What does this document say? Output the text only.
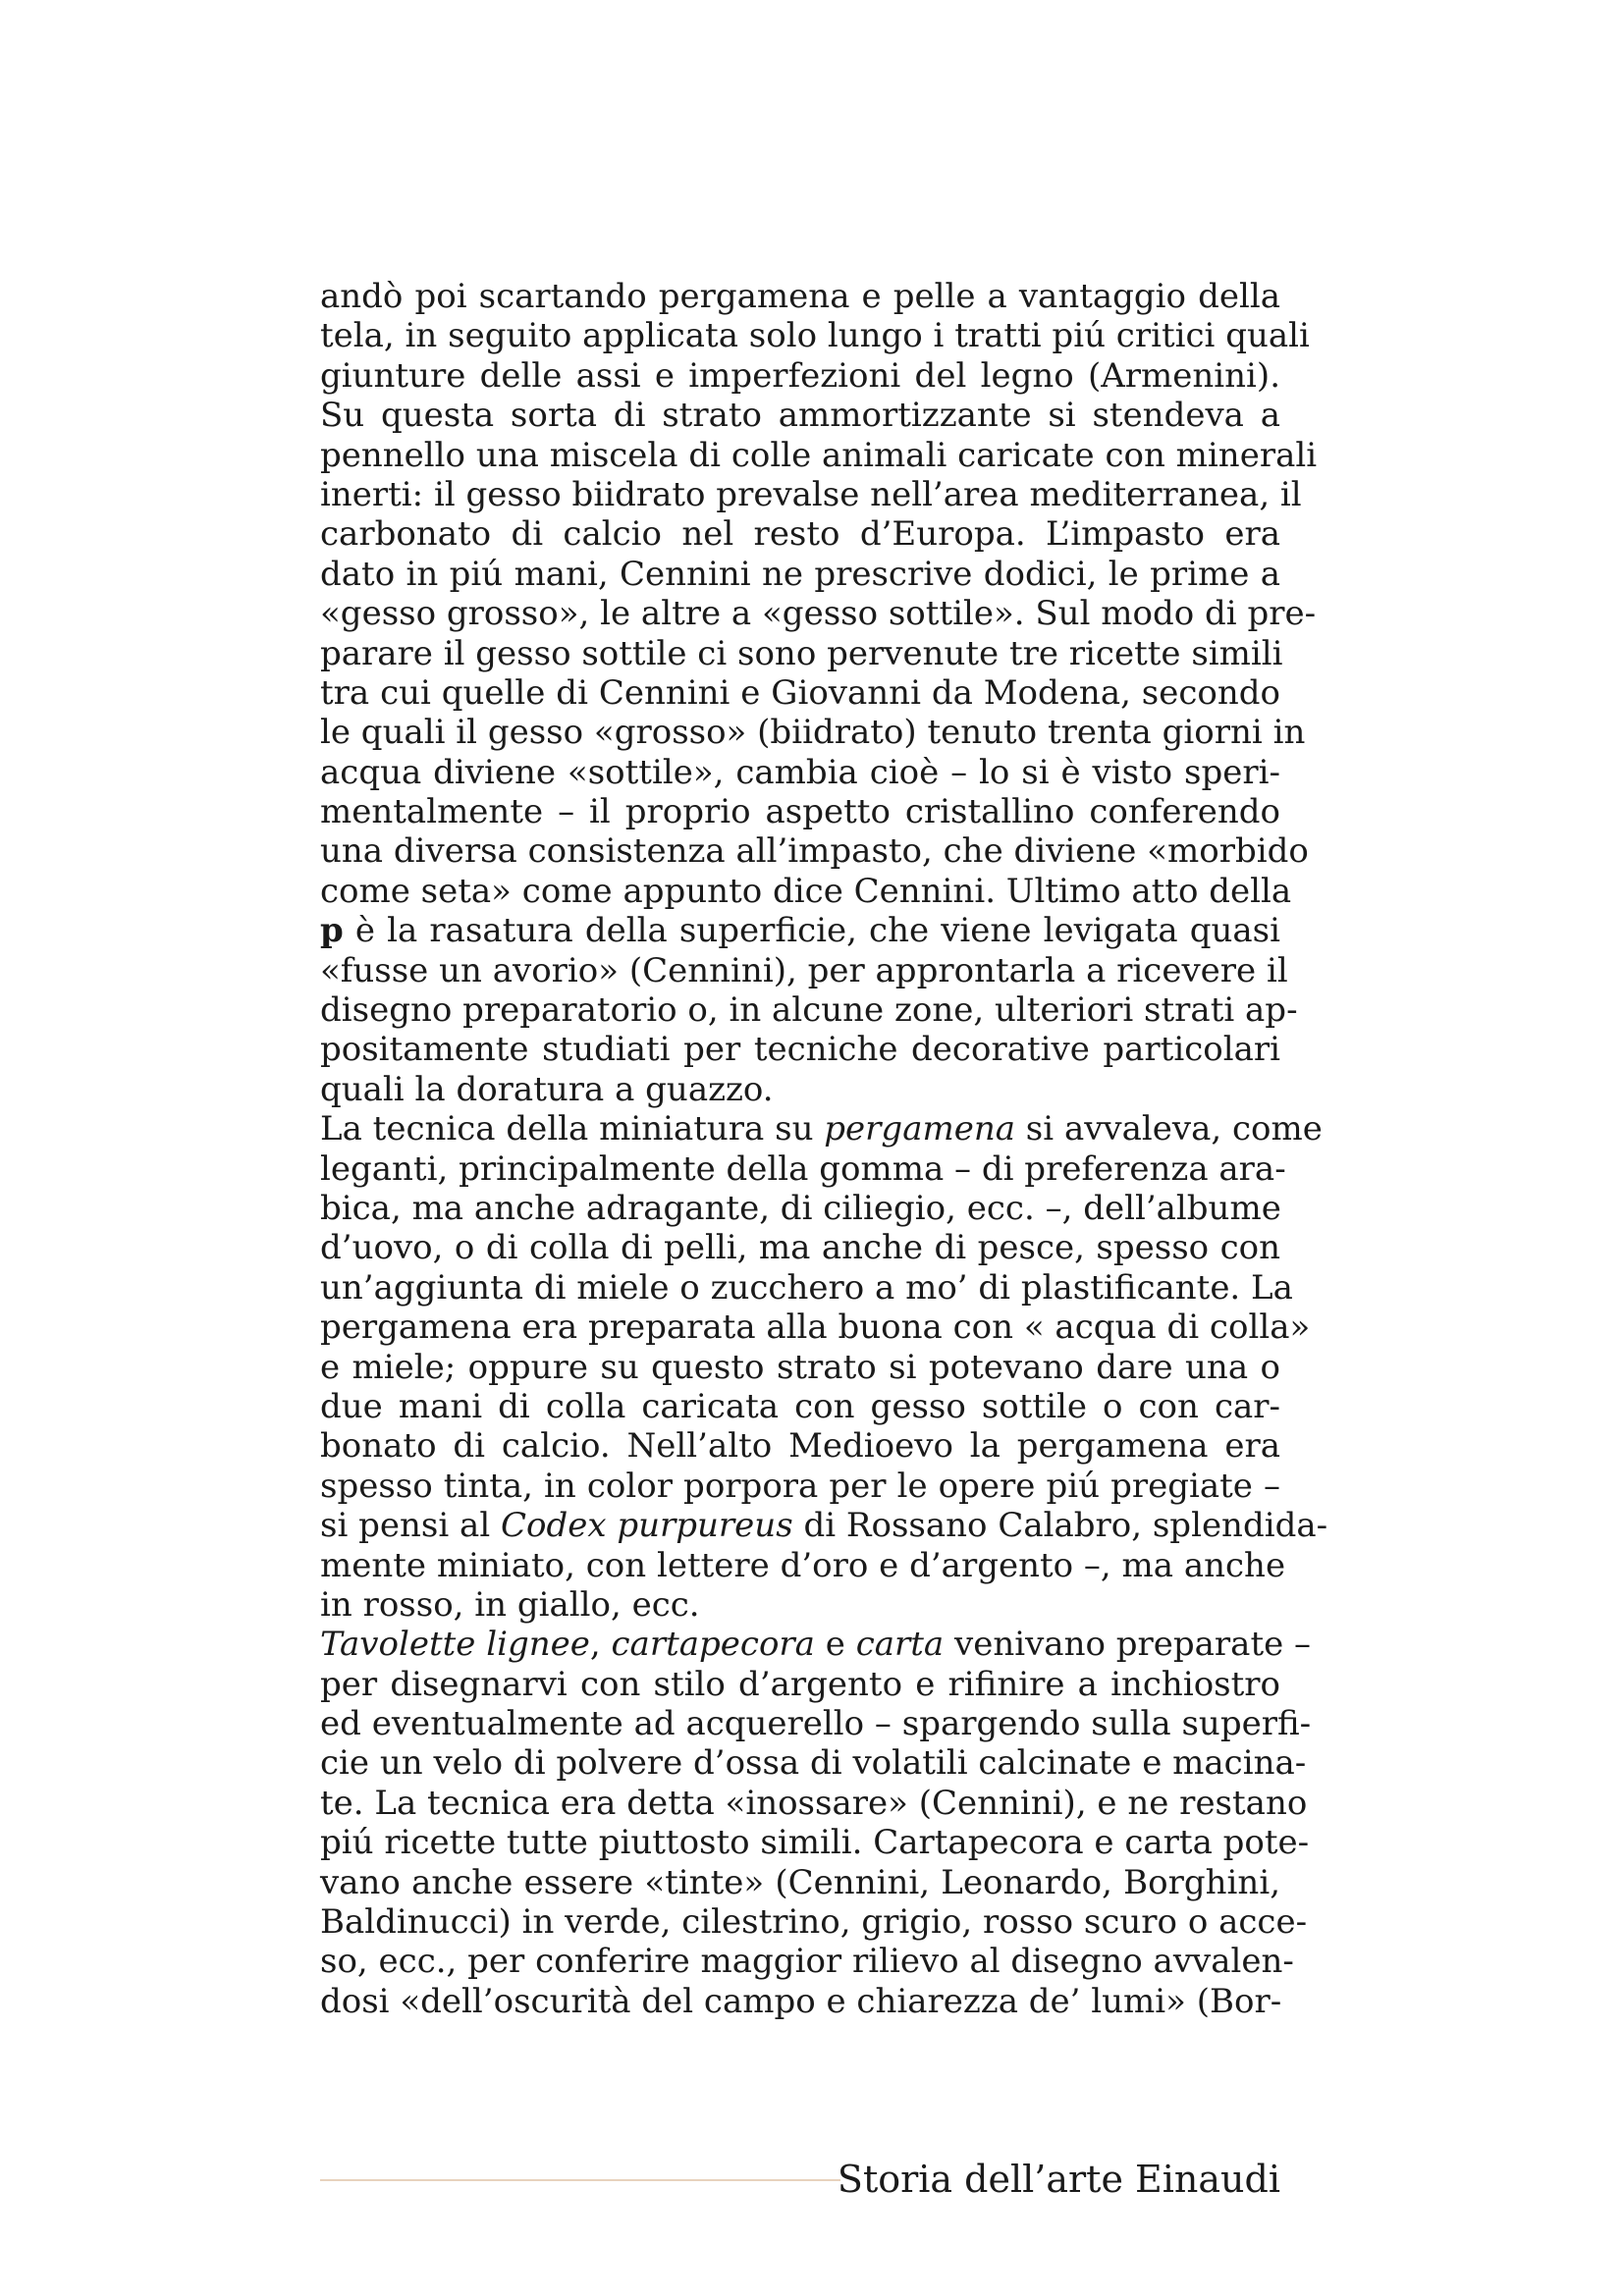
andò poi scartando pergamena e pelle a vantaggio della
tela, in seguito applicata solo lungo i tratti piú critici quali
giunture delle assi e imperfezioni del legno (Armenini).
Su questa sorta di strato ammortizzante si stendeva a
pennello una miscela di colle animali caricate con minerali
inerti: il gesso biidrato prevalse nell’area mediterranea, il
carbonato di calcio nel resto d’Europa. L’impasto era
dato in piú mani, Cennini ne prescrive dodici, le prime a
«gesso grosso», le altre a «gesso sottile». Sul modo di pre-
parare il gesso sottile ci sono pervenute tre ricette simili
tra cui quelle di Cennini e Giovanni da Modena, secondo
le quali il gesso «grosso» (biidrato) tenuto trenta giorni in
acqua diviene «sottile», cambia cioè – lo si è visto speri-
mentalmente – il proprio aspetto cristallino conferendo
una diversa consistenza all’impasto, che diviene «morbido
come seta» come appunto dice Cennini. Ultimo atto della
p è la rasatura della superficie, che viene levigata quasi
«fusse un avorio» (Cennini), per approntarla a ricevere il
disegno preparatorio o, in alcune zone, ulteriori strati ap-
positamente studiati per tecniche decorative particolari
quali la doratura a guazzo.
La tecnica della miniatura su pergamena si avvaleva, come
leganti, principalmente della gomma – di preferenza ara-
bica, ma anche adragante, di ciliegio, ecc. –, dell’albume
d’uovo, o di colla di pelli, ma anche di pesce, spesso con
un’aggiunta di miele o zucchero a mo’ di plastificante. La
pergamena era preparata alla buona con « acqua di colla»
e miele; oppure su questo strato si potevano dare una o
due mani di colla caricata con gesso sottile o con car-
bonato di calcio. Nell’alto Medioevo la pergamena era
spesso tinta, in color porpora per le opere piú pregiate –
si pensi al Codex purpureus di Rossano Calabro, splendida-
mente miniato, con lettere d’oro e d’argento –, ma anche
in rosso, in giallo, ecc.
Tavolette lignee, cartapecora e carta venivano preparate –
per disegnarvi con stilo d’argento e rifinire a inchiostro
ed eventualmente ad acquerello – spargendo sulla superfi-
cie un velo di polvere d’ossa di volatili calcinate e macina-
te. La tecnica era detta «inossare» (Cennini), e ne restano
piú ricette tutte piuttosto simili. Cartapecora e carta pote-
vano anche essere «tinte» (Cennini, Leonardo, Borghini,
Baldinucci) in verde, cilestrino, grigio, rosso scuro o acce-
so, ecc., per conferire maggior rilievo al disegno avvalen-
dosi «dell’oscurità del campo e chiarezza de’ lumi» (Bor-
Storia dell’arte Einaudi
